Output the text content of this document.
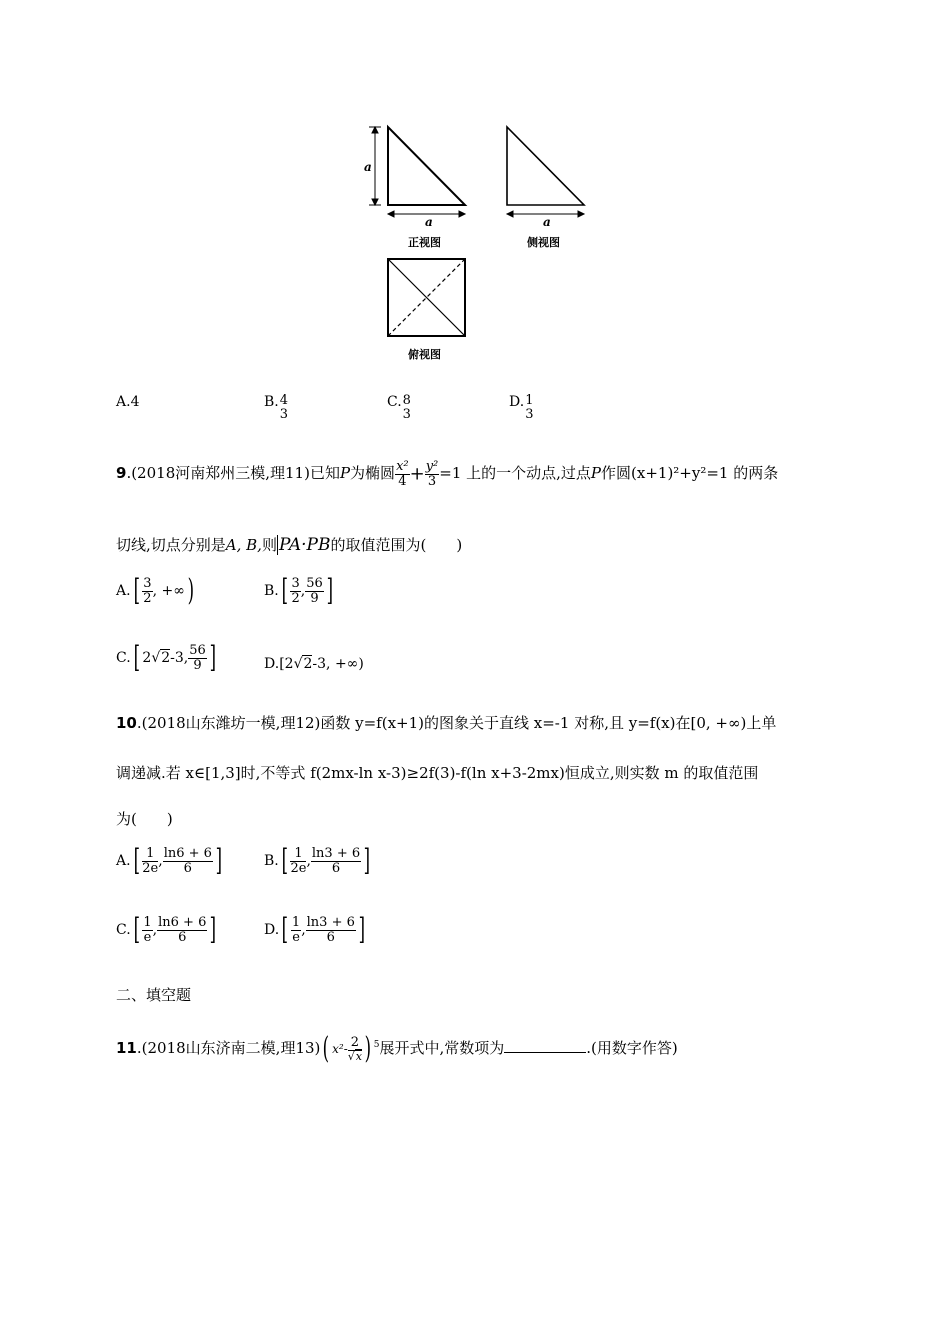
a
a	a
正视图	侧视图
俯视图
A.4	B. 4
3
C. 8
3
D. 1
3
9.(2018河南郑州三模,理11)已知P为椭圆 $\frac{\text{x²}}{4} + \frac{\text{y²}}{3} =1$ 上的一个动点,过点P作圆(x+1)²+y²=1 的两条
切线,切点分别是A, B,则 PA·PB的取值范围为(　　)
$A.[ \frac{3}{2}$ , +∞)	$B.[ \frac{3}{2}$ , $\frac{56}{9}$ ]
C.[ 2√2-3, $\frac{56}{9}$ ]	D.[2√2-3, +∞)
10.(2018山东潍坊一模,理12)函数 y=f(x+1)的图象关于直线 x=-1 对称,且 y=f(x)在[0, +∞)上单
调递减.若 x∈[1,3]时,不等式 f(2mx-ln x-3)≥2f(3)-f(ln x+3-2mx)恒成立,则实数 m 的取值范围
为(　　)
$A.[ \frac{1}{2e}$ , $\frac{\ln 6 + 6}{6}$ ]	$B.[ \frac{1}{2e}$ , $\frac{\ln 3 + 6}{6}$ ]
$C.[ \frac{1}{e}$ , $\frac{\ln 6 + 6}{6}$ ]	$D.[ \frac{1}{e}$ , $\frac{\ln 3 + 6}{6}$ ]
二、填空题
11.(2018山东济南二模,理13)( $x^2- \frac{2}{√x}$ ) $^5$展开式中,常数项为	.(用数字作答)
